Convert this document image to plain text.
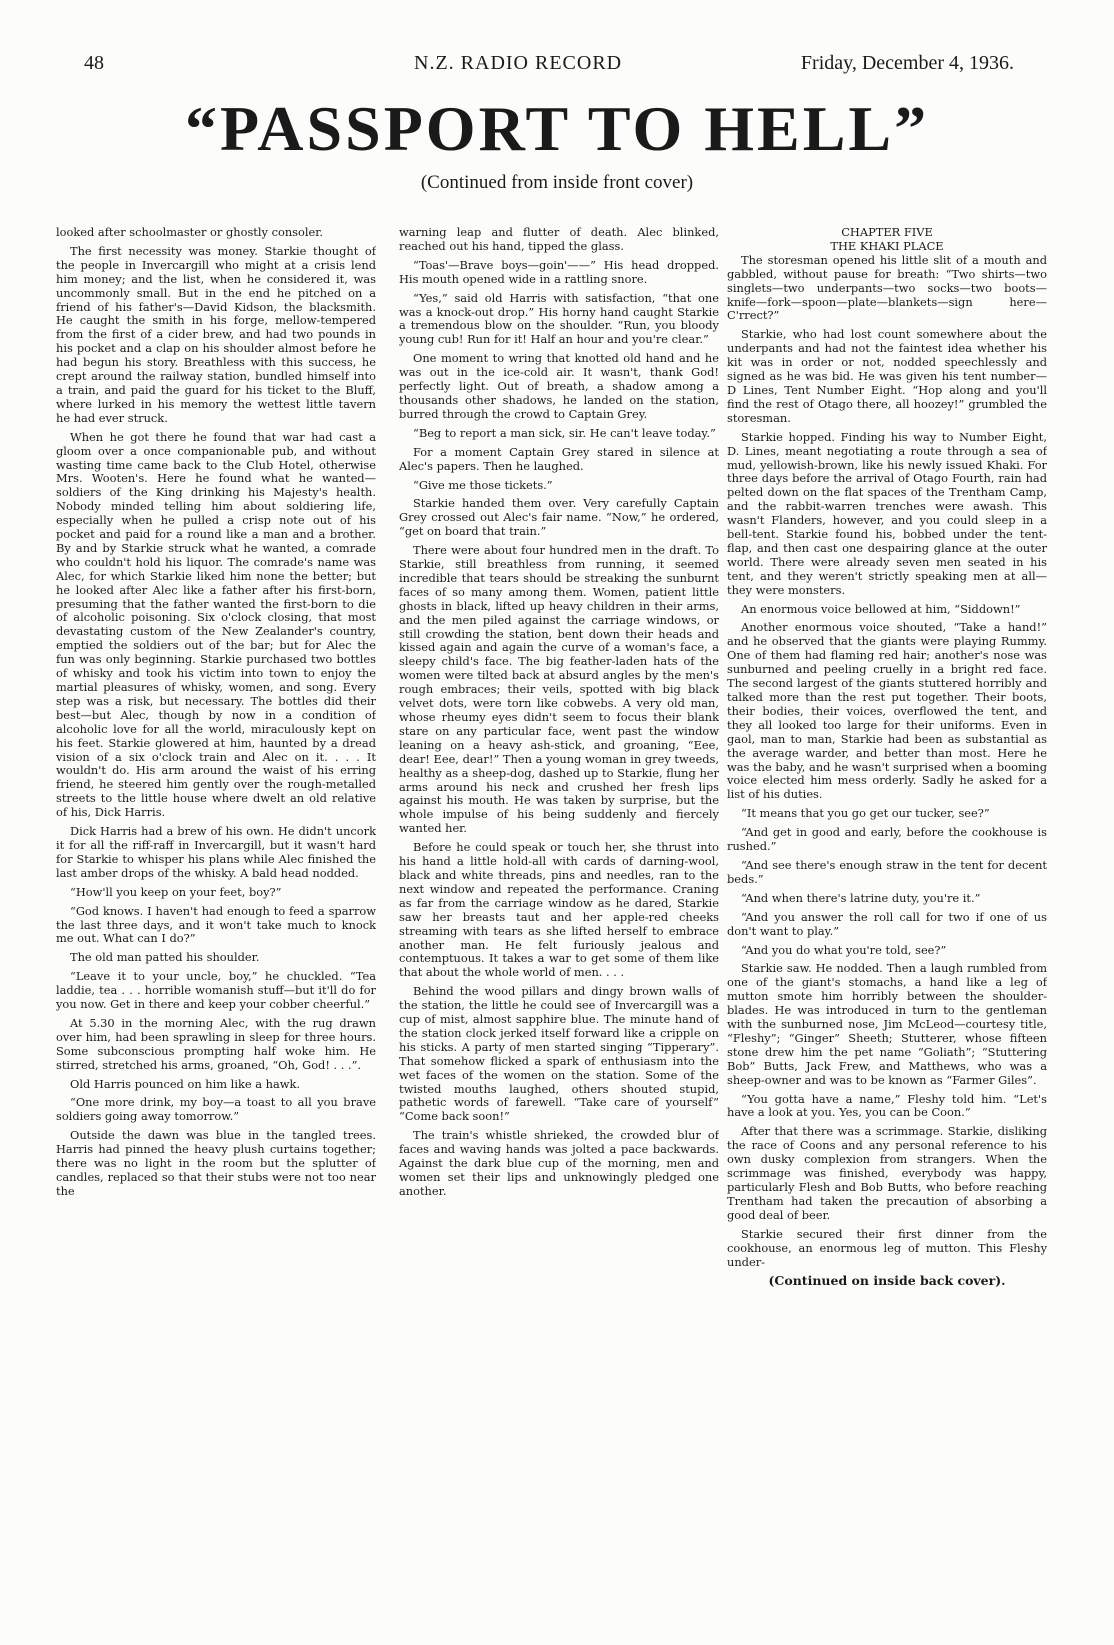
48	N.Z. RADIO RECORD	Friday, December 4, 1936.
“PASSPORT TO HELL”
(Continued from inside front cover)

looked after schoolmaster or ghostly consoler.

The first necessity was money. Starkie thought of the people in Invercargill who might at a crisis lend him money; and the list, when he considered it, was uncommonly small. But in the end he pitched on a friend of his father's—David Kidson, the blacksmith. He caught the smith in his forge, mellow-tempered from the first of a cider brew, and had two pounds in his pocket and a clap on his shoulder almost before he had begun his story. Breathless with this success, he crept around the railway station, bundled himself into a train, and paid the guard for his ticket to the Bluff, where lurked in his memory the wettest little tavern he had ever struck.

When he got there he found that war had cast a gloom over a once companionable pub, and without wasting time came back to the Club Hotel, otherwise Mrs. Wooten's. Here he found what he wanted—soldiers of the King drinking his Majesty's health. Nobody minded telling him about soldiering life, especially when he pulled a crisp note out of his pocket and paid for a round like a man and a brother. By and by Starkie struck what he wanted, a comrade who couldn't hold his liquor. The comrade's name was Alec, for which Starkie liked him none the better; but he looked after Alec like a father after his first-born, presuming that the father wanted the first-born to die of alcoholic poisoning. Six o'clock closing, that most devastating custom of the New Zealander's country, emptied the soldiers out of the bar; but for Alec the fun was only beginning. Starkie purchased two bottles of whisky and took his victim into town to enjoy the martial pleasures of whisky, women, and song. Every step was a risk, but necessary. The bottles did their best—but Alec, though by now in a condition of alcoholic love for all the world, miraculously kept on his feet. Starkie glowered at him, haunted by a dread vision of a six o'clock train and Alec on it. . . . It wouldn't do. His arm around the waist of his erring friend, he steered him gently over the rough-metalled streets to the little house where dwelt an old relative of his, Dick Harris.

Dick Harris had a brew of his own. He didn't uncork it for all the riff-raff in Invercargill, but it wasn't hard for Starkie to whisper his plans while Alec finished the last amber drops of the whisky. A bald head nodded.

“How'll you keep on your feet, boy?”

“God knows. I haven't had enough to feed a sparrow the last three days, and it won't take much to knock me out. What can I do?”

The old man patted his shoulder.

“Leave it to your uncle, boy,” he chuckled. “Tea laddie, tea . . . horrible womanish stuff—but it'll do for you now. Get in there and keep your cobber cheerful.”

At 5.30 in the morning Alec, with the rug drawn over him, had been sprawling in sleep for three hours. Some subconscious prompting half woke him. He stirred, stretched his arms, groaned, “Oh, God! . . .”.

Old Harris pounced on him like a hawk.

“One more drink, my boy—a toast to all you brave soldiers going away tomorrow.”

Outside the dawn was blue in the tangled trees. Harris had pinned the heavy plush curtains together; there was no light in the room but the splutter of candles, replaced so that their stubs were not too near the

warning leap and flutter of death. Alec blinked, reached out his hand, tipped the glass.

“Toas'—Brave boys—goin'——” His head dropped. His mouth opened wide in a rattling snore.

“Yes,” said old Harris with satisfaction, “that one was a knock-out drop.” His horny hand caught Starkie a tremendous blow on the shoulder. “Run, you bloody young cub! Run for it! Half an hour and you're clear.”

One moment to wring that knotted old hand and he was out in the ice-cold air. It wasn't, thank God! perfectly light. Out of breath, a shadow among a thousands other shadows, he landed on the station, burred through the crowd to Captain Grey.

“Beg to report a man sick, sir. He can't leave today.”

For a moment Captain Grey stared in silence at Alec's papers. Then he laughed.

“Give me those tickets.”

Starkie handed them over. Very carefully Captain Grey crossed out Alec's fair name. “Now,” he ordered, “get on board that train.”

There were about four hundred men in the draft. To Starkie, still breathless from running, it seemed incredible that tears should be streaking the sunburnt faces of so many among them. Women, patient little ghosts in black, lifted up heavy children in their arms, and the men piled against the carriage windows, or still crowding the station, bent down their heads and kissed again and again the curve of a woman's face, a sleepy child's face. The big feather-laden hats of the women were tilted back at absurd angles by the men's rough embraces; their veils, spotted with big black velvet dots, were torn like cobwebs. A very old man, whose rheumy eyes didn't seem to focus their blank stare on any particular face, went past the window leaning on a heavy ash-stick, and groaning, “Eee, dear! Eee, dear!” Then a young woman in grey tweeds, healthy as a sheep-dog, dashed up to Starkie, flung her arms around his neck and crushed her fresh lips against his mouth. He was taken by surprise, but the whole impulse of his being suddenly and fiercely wanted her.

Before he could speak or touch her, she thrust into his hand a little hold-all with cards of darning-wool, black and white threads, pins and needles, ran to the next window and repeated the performance. Craning as far from the carriage window as he dared, Starkie saw her breasts taut and her apple-red cheeks streaming with tears as she lifted herself to embrace another man. He felt furiously jealous and contemptuous. It takes a war to get some of them like that about the whole world of men. . . .

Behind the wood pillars and dingy brown walls of the station, the little he could see of Invercargill was a cup of mist, almost sapphire blue. The minute hand of the station clock jerked itself forward like a cripple on his sticks. A party of men started singing “Tipperary”. That somehow flicked a spark of enthusiasm into the wet faces of the women on the station. Some of the twisted mouths laughed, others shouted stupid, pathetic words of farewell. “Take care of yourself” “Come back soon!”

The train's whistle shrieked, the crowded blur of faces and waving hands was jolted a pace backwards. Against the dark blue cup of the morning, men and women set their lips and unknowingly pledged one another.

CHAPTER FIVE
THE KHAKI PLACE

The storesman opened his little slit of a mouth and gabbled, without pause for breath: “Two shirts—two singlets—two underpants—two socks—two boots—knife—fork—spoon—plate—blankets—sign here—C'rrect?”

Starkie, who had lost count somewhere about the underpants and had not the faintest idea whether his kit was in order or not, nodded speechlessly and signed as he was bid. He was given his tent number—D Lines, Tent Number Eight. “Hop along and you'll find the rest of Otago there, all hoozey!” grumbled the storesman.

Starkie hopped. Finding his way to Number Eight, D. Lines, meant negotiating a route through a sea of mud, yellowish-brown, like his newly issued Khaki. For three days before the arrival of Otago Fourth, rain had pelted down on the flat spaces of the Trentham Camp, and the rabbit-warren trenches were awash. This wasn't Flanders, however, and you could sleep in a bell-tent. Starkie found his, bobbed under the tent-flap, and then cast one despairing glance at the outer world. There were already seven men seated in his tent, and they weren't strictly speaking men at all—they were monsters.

An enormous voice bellowed at him, “Siddown!”

Another enormous voice shouted, “Take a hand!” and he observed that the giants were playing Rummy. One of them had flaming red hair; another's nose was sunburned and peeling cruelly in a bright red face. The second largest of the giants stuttered horribly and talked more than the rest put together. Their boots, their bodies, their voices, overflowed the tent, and they all looked too large for their uniforms. Even in gaol, man to man, Starkie had been as substantial as the average warder, and better than most. Here he was the baby, and he wasn't surprised when a booming voice elected him mess orderly. Sadly he asked for a list of his duties.

“It means that you go get our tucker, see?”

“And get in good and early, before the cookhouse is rushed.”

“And see there's enough straw in the tent for decent beds.”

“And when there's latrine duty, you're it.”

“And you answer the roll call for two if one of us don't want to play.”

“And you do what you're told, see?”

Starkie saw. He nodded. Then a laugh rumbled from one of the giant's stomachs, a hand like a leg of mutton smote him horribly between the shoulder-blades. He was introduced in turn to the gentleman with the sunburned nose, Jim McLeod—courtesy title, “Fleshy”; “Ginger” Sheeth; Stutterer, whose fifteen stone drew him the pet name “Goliath”; “Stuttering Bob” Butts, Jack Frew, and Matthews, who was a sheep-owner and was to be known as “Farmer Giles”.

“You gotta have a name,” Fleshy told him. “Let's have a look at you. Yes, you can be Coon.”

After that there was a scrimmage. Starkie, disliking the race of Coons and any personal reference to his own dusky complexion from strangers. When the scrimmage was finished, everybody was happy, particularly Flesh and Bob Butts, who before reaching Trentham had taken the precaution of absorbing a good deal of beer.

Starkie secured their first dinner from the cookhouse, an enormous leg of mutton. This Fleshy under-

(Continued on inside back cover).
